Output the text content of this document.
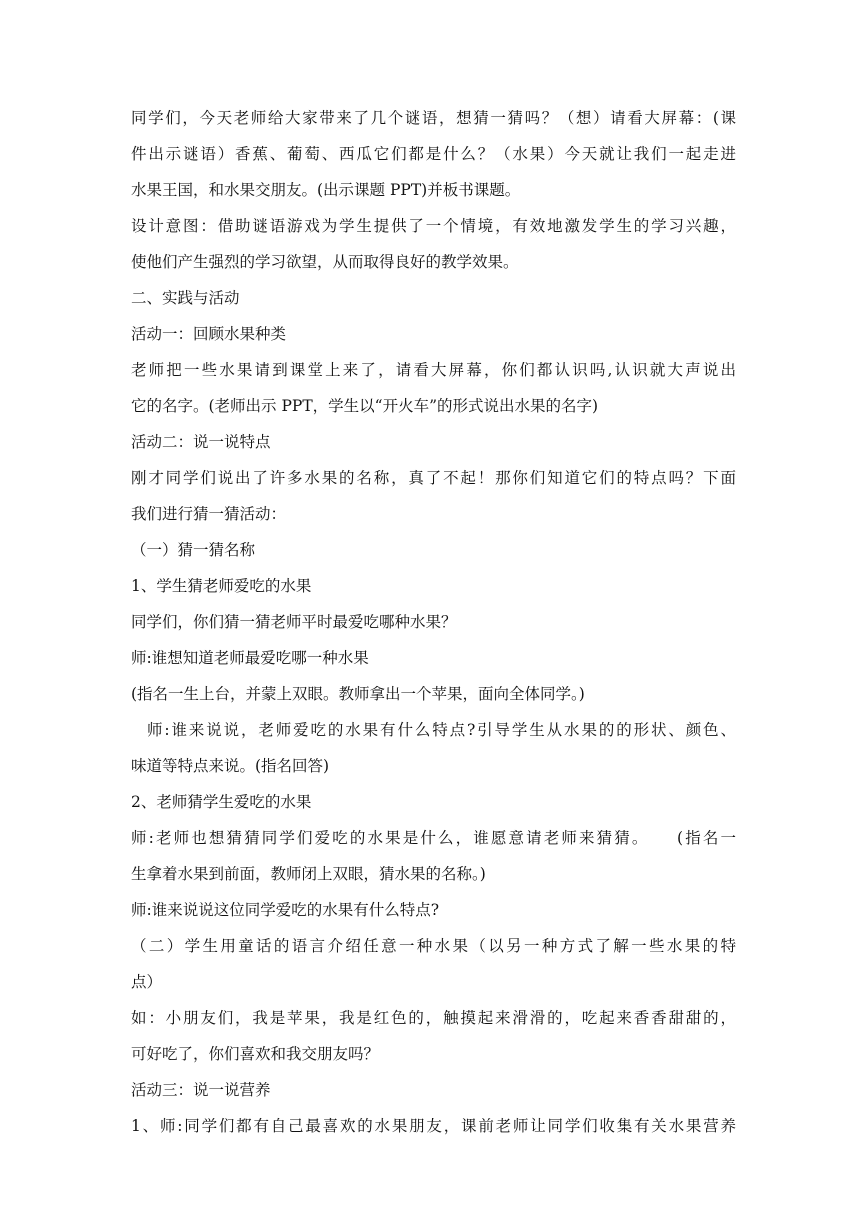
同学们，今天老师给大家带来了几个谜语，想猜一猜吗？（想）请看大屏幕：(课
件出示谜语）香蕉、葡萄、西瓜它们都是什么？（水果）今天就让我们一起走进
水果王国，和水果交朋友。(出示课题 PPT)并板书课题。
设计意图：借助谜语游戏为学生提供了一个情境，有效地激发学生的学习兴趣，
使他们产生强烈的学习欲望，从而取得良好的教学效果。
二、实践与活动
活动一：回顾水果种类
老师把一些水果请到课堂上来了，请看大屏幕，你们都认识吗,认识就大声说出
它的名字。(老师出示 PPT，学生以“开火车”的形式说出水果的名字)
活动二：说一说特点
刚才同学们说出了许多水果的名称，真了不起！那你们知道它们的特点吗？下面
我们进行猜一猜活动：
（一）猜一猜名称
1、学生猜老师爱吃的水果
同学们，你们猜一猜老师平时最爱吃哪种水果？
师:谁想知道老师最爱吃哪一种水果
(指名一生上台，并蒙上双眼。教师拿出一个苹果，面向全体同学。)
师:谁来说说，老师爱吃的水果有什么特点?引导学生从水果的的形状、颜色、
味道等特点来说。(指名回答)
2、老师猜学生爱吃的水果
师:老师也想猜猜同学们爱吃的水果是什么，谁愿意请老师来猜猜。　　(指名一
生拿着水果到前面，教师闭上双眼，猜水果的名称。)
师:谁来说说这位同学爱吃的水果有什么特点?
（二）学生用童话的语言介绍任意一种水果（以另一种方式了解一些水果的特
点）
如：小朋友们，我是苹果，我是红色的，触摸起来滑滑的，吃起来香香甜甜的，
可好吃了，你们喜欢和我交朋友吗？
活动三：说一说营养
1、师:同学们都有自己最喜欢的水果朋友，课前老师让同学们收集有关水果营养
